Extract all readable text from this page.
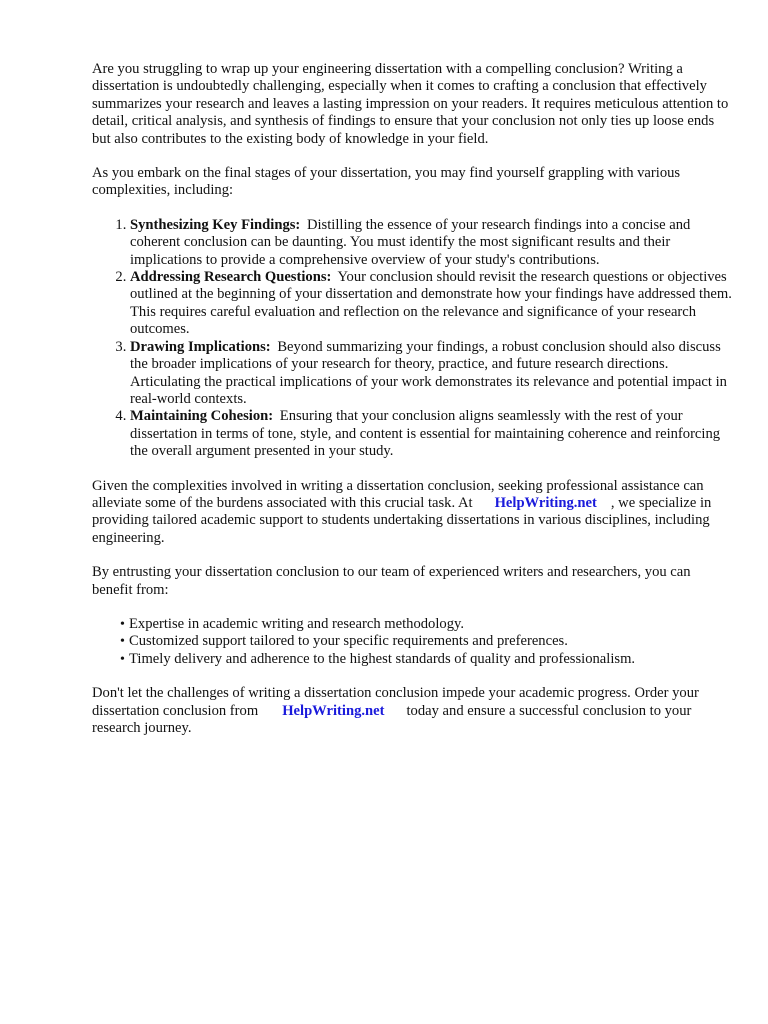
Are you struggling to wrap up your engineering dissertation with a compelling conclusion? Writing a dissertation is undoubtedly challenging, especially when it comes to crafting a conclusion that effectively summarizes your research and leaves a lasting impression on your readers. It requires meticulous attention to detail, critical analysis, and synthesis of findings to ensure that your conclusion not only ties up loose ends but also contributes to the existing body of knowledge in your field.

As you embark on the final stages of your dissertation, you may find yourself grappling with various complexities, including:

1. Synthesizing Key Findings: Distilling the essence of your research findings into a concise and coherent conclusion can be daunting. You must identify the most significant results and their implications to provide a comprehensive overview of your study's contributions.
2. Addressing Research Questions: Your conclusion should revisit the research questions or objectives outlined at the beginning of your dissertation and demonstrate how your findings have addressed them. This requires careful evaluation and reflection on the relevance and significance of your research outcomes.
3. Drawing Implications: Beyond summarizing your findings, a robust conclusion should also discuss the broader implications of your research for theory, practice, and future research directions. Articulating the practical implications of your work demonstrates its relevance and potential impact in real-world contexts.
4. Maintaining Cohesion: Ensuring that your conclusion aligns seamlessly with the rest of your dissertation in terms of tone, style, and content is essential for maintaining coherence and reinforcing the overall argument presented in your study.

Given the complexities involved in writing a dissertation conclusion, seeking professional assistance can alleviate some of the burdens associated with this crucial task. At HelpWriting.net , we specialize in providing tailored academic support to students undertaking dissertations in various disciplines, including engineering.

By entrusting your dissertation conclusion to our team of experienced writers and researchers, you can benefit from:

• Expertise in academic writing and research methodology.
• Customized support tailored to your specific requirements and preferences.
• Timely delivery and adherence to the highest standards of quality and professionalism.

Don't let the challenges of writing a dissertation conclusion impede your academic progress. Order your dissertation conclusion from HelpWriting.net today and ensure a successful conclusion to your research journey.
